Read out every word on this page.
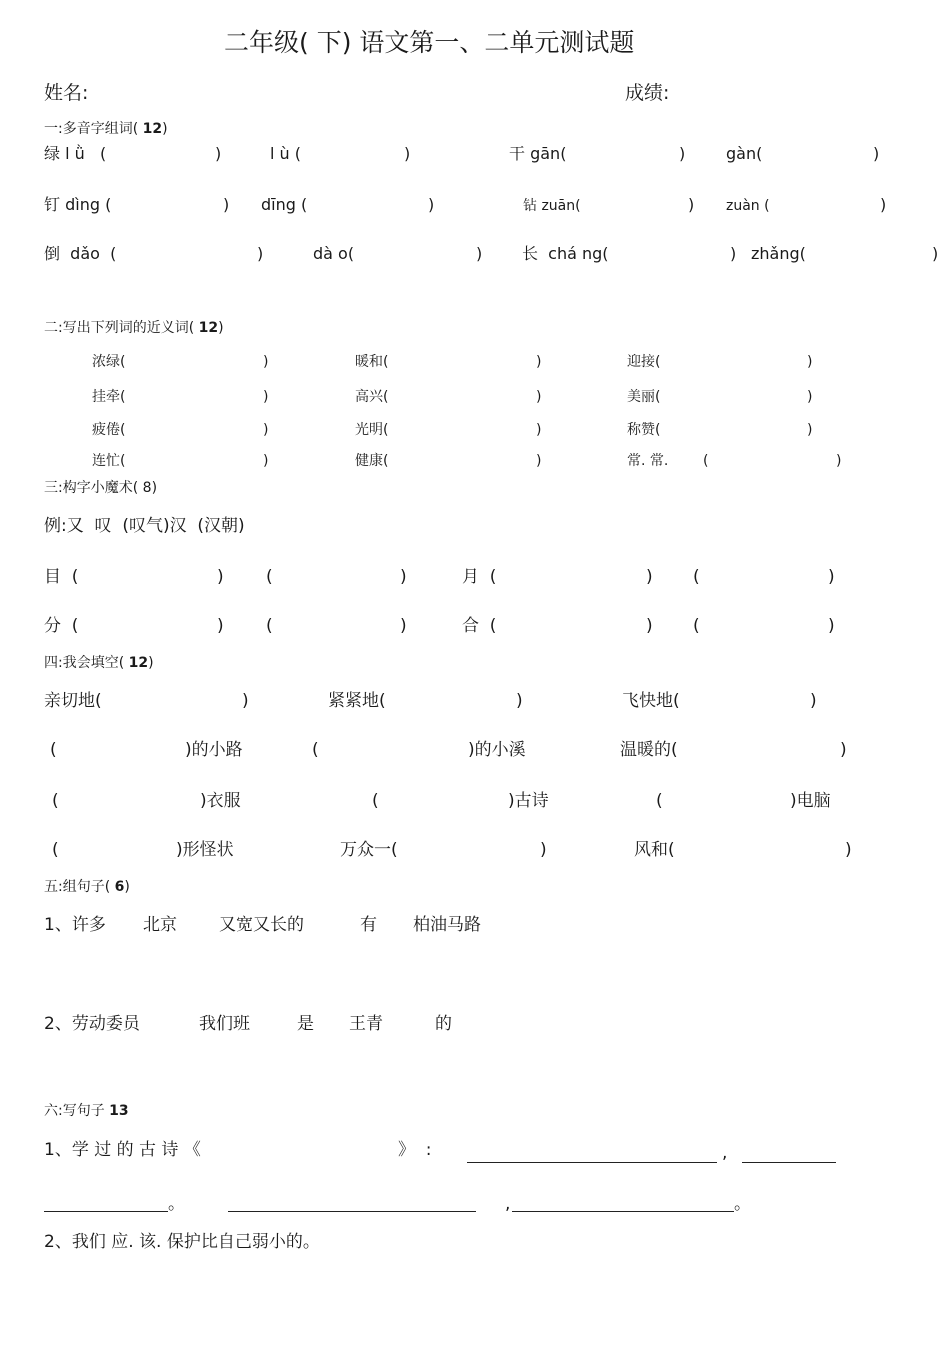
二年级( 下) 语文第一、二单元测试题
姓名:	成绩:
一:多音字组词( 12)
绿 l ǜ   (	)	l ù (	)	干 gān(	)	gàn(	)
钉 dìng (	) dīng (	)	钻 zuān(	) zuàn (	)
倒  dǎo  (	)	dà o(	) 长  chá ng(	) zhǎng(	)
二:写出下列词的近义词( 12)
浓绿(	)	暖和(	)	迎接(	)
挂牵(	)	高兴(	)	美丽(	)
疲倦(	)	光明(	)	称赞(	)
连忙(	)	健康(	)	常. 常. (	)
三:构字小魔术( 8)
例:又  叹  (叹气)汉  (汉朝)
目  (	) (	)	月  (	) (	)
分  (	) (	)	合  (	) (	)
四:我会填空( 12)
亲切地(	)	紧紧地(	)	飞快地(	)
(	)的小路	(	)的小溪	温暖的(	)
(	)衣服	(	)古诗	(	)电脑
(	)形怪状	万众一(	)	风和(	)
五:组句子( 6)
1、许多 北京 又宽又长的	有 柏油马路
2、劳动委员	我们班	是 王青	的
六:写句子 13
1、学 过 的 古 诗 《	》  :	,
。	,	。
2、我们 应. 该. 保护比自己弱小的。
